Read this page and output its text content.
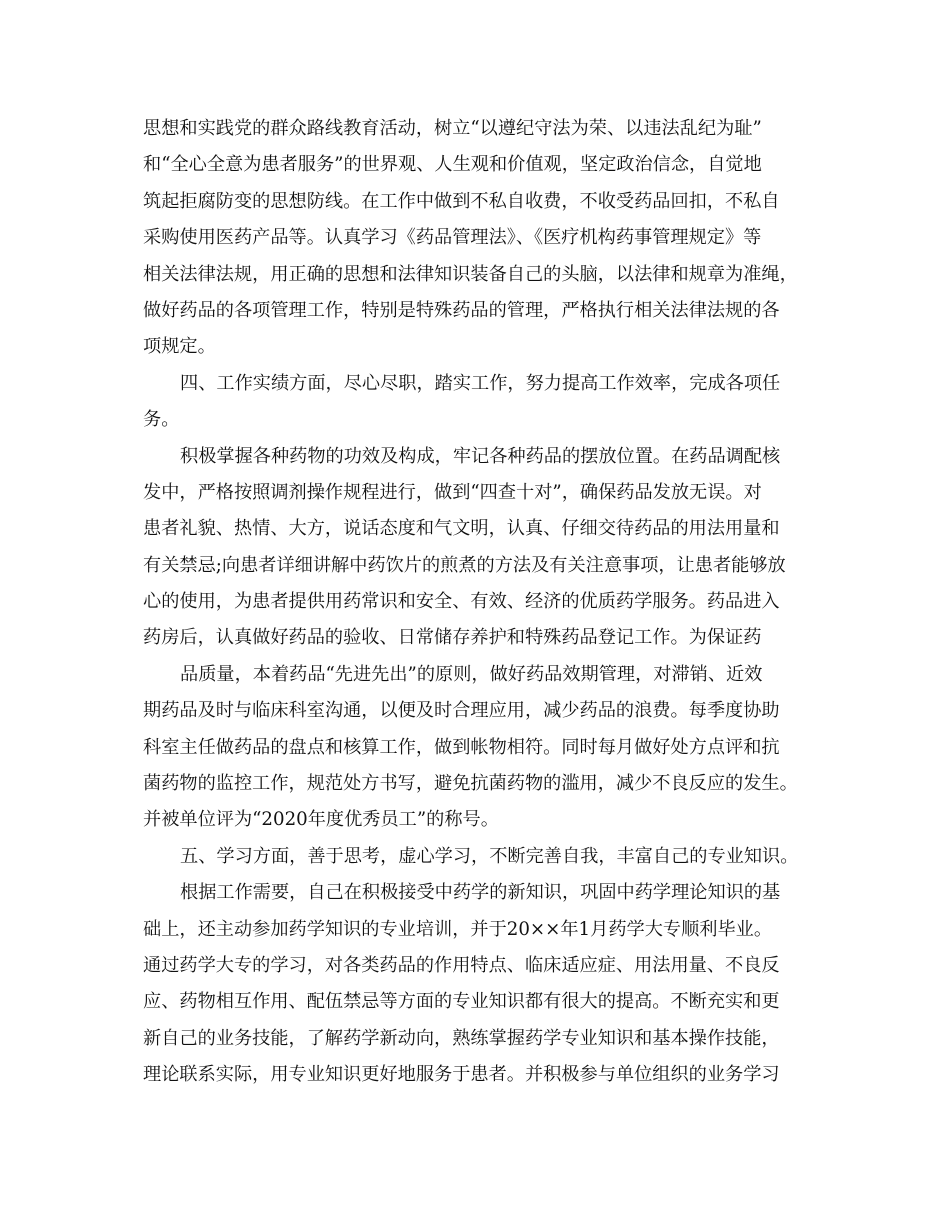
思想和实践党的群众路线教育活动，树立“以遵纪守法为荣、以违法乱纪为耻”
和“全心全意为患者服务”的世界观、人生观和价值观，坚定政治信念，自觉地
筑起拒腐防变的思想防线。在工作中做到不私自收费，不收受药品回扣，不私自
采购使用医药产品等。认真学习《药品管理法》、《医疗机构药事管理规定》等
相关法律法规，用正确的思想和法律知识装备自己的头脑，以法律和规章为准绳，
做好药品的各项管理工作，特别是特殊药品的管理，严格执行相关法律法规的各
项规定。
四、工作实绩方面，尽心尽职，踏实工作，努力提高工作效率，完成各项任
务。
积极掌握各种药物的功效及构成，牢记各种药品的摆放位置。在药品调配核
发中，严格按照调剂操作规程进行，做到“四查十对”，确保药品发放无误。对
患者礼貌、热情、大方，说话态度和气文明，认真、仔细交待药品的用法用量和
有关禁忌;向患者详细讲解中药饮片的煎煮的方法及有关注意事项，让患者能够放
心的使用，为患者提供用药常识和安全、有效、经济的优质药学服务。药品进入
药房后，认真做好药品的验收、日常储存养护和特殊药品登记工作。为保证药
品质量，本着药品“先进先出”的原则，做好药品效期管理，对滞销、近效
期药品及时与临床科室沟通，以便及时合理应用，减少药品的浪费。每季度协助
科室主任做药品的盘点和核算工作，做到帐物相符。同时每月做好处方点评和抗
菌药物的监控工作，规范处方书写，避免抗菌药物的滥用，减少不良反应的发生。
并被单位评为“2020年度优秀员工”的称号。
五、学习方面，善于思考，虚心学习，不断完善自我，丰富自己的专业知识。
根据工作需要，自己在积极接受中药学的新知识，巩固中药学理论知识的基
础上，还主动参加药学知识的专业培训，并于20××年1月药学大专顺利毕业。
通过药学大专的学习，对各类药品的作用特点、临床适应症、用法用量、不良反
应、药物相互作用、配伍禁忌等方面的专业知识都有很大的提高。不断充实和更
新自己的业务技能，了解药学新动向，熟练掌握药学专业知识和基本操作技能，
理论联系实际，用专业知识更好地服务于患者。并积极参与单位组织的业务学习
